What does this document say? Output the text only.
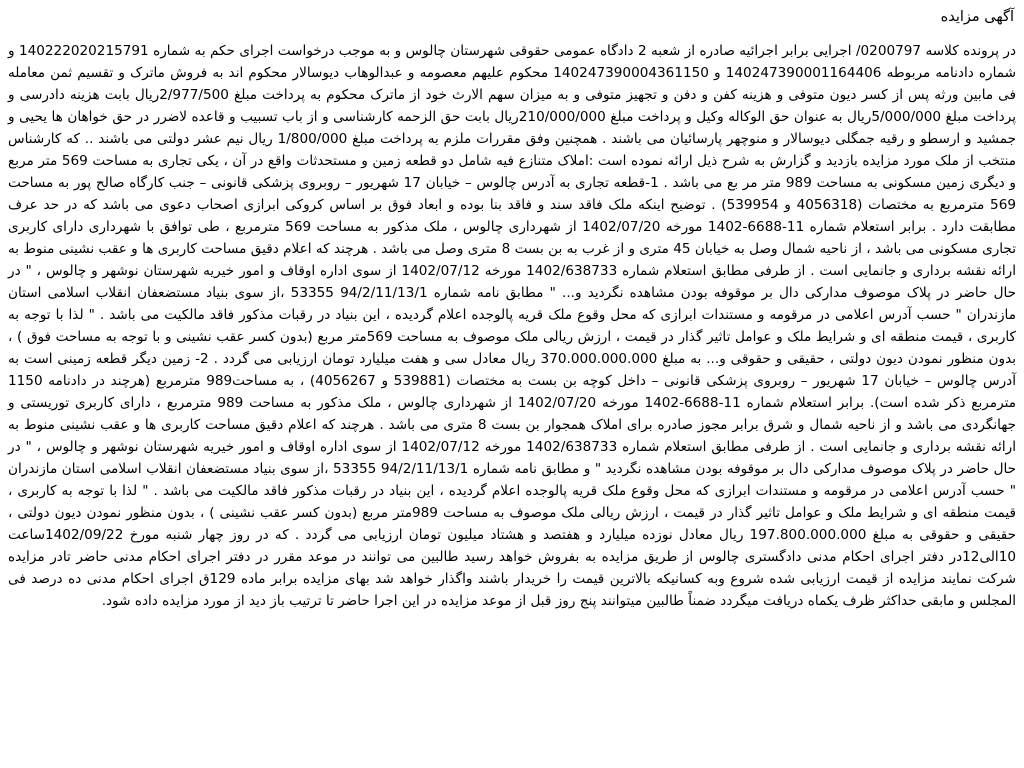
آگهی مزایده

در پرونده کلاسه 0200797/ اجرایی برابر اجرائیه صادره از شعبه 2 دادگاه عمومی حقوقی شهرستان چالوس و به موجب درخواست اجرای حکم به شماره 140222020215791 و شماره دادنامه مربوطه 140247390001164406 و 140247390004361150 محکوم علیهم معصومه و عبدالوهاب دیوسالار محکوم اند به فروش ماترک و تقسیم ثمن معامله فی مابین ورثه پس از کسر دیون متوفی و هزینه کفن و دفن و تجهیز متوفی و به میزان سهم الارث خود از ماترک محکوم به پرداخت مبلغ 2/977/500ریال بابت هزینه دادرسی و پرداخت مبلغ 5/000/000ریال به عنوان حق الوکاله وکیل و پرداخت مبلغ 210/000/000ریال بابت حق الزحمه کارشناسی و از باب تسبیب و قاعده لاضرر در حق خواهان ها یحیی و جمشید و ارسطو و رقیه جمگلی دیوسالار و منوچهر پارسائیان می باشند . همچنین وفق مقررات ملزم به پرداخت مبلغ 1/800/000 ریال نیم عشر دولتی می باشند .. که کارشناس منتخب از ملک مورد مزایده بازدید و گزارش به شرح ذیل ارائه نموده است :املاک متنازع فیه شامل دو قطعه زمین و مستحدثات واقع در آن ، یکی تجاری به مساحت 569 متر مربع و دیگری زمین مسکونی به مساحت 989 متر مر بع می باشد . 1-قطعه تجاری به آدرس چالوس – خیابان 17 شهریور – روبروی پزشکی قانونی – جنب کارگاه صالح پور به مساحت 569 مترمربع به مختصات (4056318 و 539954) . توضیح اینکه ملک فاقد سند و فاقد بنا بوده و ابعاد فوق بر اساس کروکی ابرازی اصحاب دعوی می باشد که در حد عرف مطابقت دارد . برابر استعلام شماره 11-6688-1402 مورخه 1402/07/20 از شهرداری چالوس ، ملک مذکور به مساحت 569 مترمربع ، طی توافق با شهرداری دارای کاربری تجاری مسکونی می باشد ، از ناحیه شمال وصل به خیابان 45 متری و از غرب به بن بست 8 متری وصل می باشد . هرچند که اعلام دقیق مساحت کاربری ها و عقب نشینی منوط به ارائه نقشه برداری و جانمایی است . از طرفی مطابق استعلام شماره 1402/638733 مورخه 1402/07/12 از سوی اداره اوقاف و امور خیریه شهرستان نوشهر و چالوس ، " در حال حاضر در پلاک موصوف مدارکی دال بر موقوفه بودن مشاهده نگردید و... " مطابق نامه شماره 94/2/11/13/1 53355 ،از سوی بنیاد مستضعفان انقلاب اسلامی استان مازندران " حسب آدرس اعلامی در مرقومه و مستندات ابرازی که محل وقوع ملک قریه پالوجده اعلام گردیده ، این بنیاد در رقبات مذکور فاقد مالکیت می باشد . " لذا با توجه به کاربری ، قیمت منطقه ای و شرایط ملک و عوامل تاثیر گذار در قیمت ، ارزش ریالی ملک موصوف به مساحت 569متر مربع (بدون کسر عقب نشینی و با توجه به مساحت فوق ) ، بدون منظور نمودن دیون دولتی ، حقیقی و حقوقی و... به مبلغ 370.000.000.000 ریال معادل سی و هفت میلیارد تومان ارزیابی می گردد . 2- زمین دیگر قطعه زمینی است به آدرس چالوس – خیابان 17 شهریور – روبروی پزشکی قانونی – داخل کوچه بن بست به مختصات (539881 و 4056267) ، به مساحت989 مترمربع (هرچند در دادنامه 1150 مترمربع ذکر شده است). برابر استعلام شماره 11-6688-1402 مورخه 1402/07/20 از شهرداری چالوس ، ملک مذکور به مساحت 989 مترمربع ، دارای کاربری توریستی و جهانگردی می باشد و از ناحیه شمال و شرق برابر مجوز صادره برای املاک همجوار بن بست 8 متری می باشد . هرچند که اعلام دقیق مساحت کاربری ها و عقب نشینی منوط به ارائه نقشه برداری و جانمایی است . از طرفی مطابق استعلام شماره 1402/638733 مورخه 1402/07/12 از سوی اداره اوقاف و امور خیریه شهرستان نوشهر و چالوس ، " در حال حاضر در پلاک موصوف مدارکی دال بر موقوفه بودن مشاهده نگردید " و مطابق نامه شماره 94/2/11/13/1 53355 ،از سوی بنیاد مستضعفان انقلاب اسلامی استان مازندران " حسب آدرس اعلامی در مرقومه و مستندات ابرازی که محل وقوع ملک قریه پالوجده اعلام گردیده ، این بنیاد در رقبات مذکور فاقد مالکیت می باشد . " لذا با توجه به کاربری ، قیمت منطقه ای و شرایط ملک و عوامل تاثیر گذار در قیمت ، ارزش ریالی ملک موصوف به مساحت 989متر مربع (بدون کسر عقب نشینی ) ، بدون منظور نمودن دیون دولتی ، حقیقی و حقوقی به مبلغ 197.800.000.000 ریال معادل نوزده میلیارد و هفتصد و هشتاد میلیون تومان ارزیابی می گردد . که در روز چهار شنبه مورخ 1402/09/22ساعت 10الی12در دفتر اجرای احکام مدنی دادگستری چالوس از طریق مزایده به بفروش خواهد رسید طالبین می توانند در موعد مقرر در دفتر اجرای احکام مدنی حاضر تادر مزایده شرکت نمایند مزایده از قیمت ارزیابی شده شروع وبه کسانیکه بالاترین قیمت را خریدار باشند واگذار خواهد شد بهای مزایده برابر ماده 129ق اجرای احکام مدنی ده درصد فی المجلس و مابقی حداکثر ظرف یکماه دریافت میگردد ضمناً طالبین میتوانند پنج روز قبل از موعد مزایده در این اجرا حاضر تا ترتیب باز دید از مورد مزایده داده شود.
